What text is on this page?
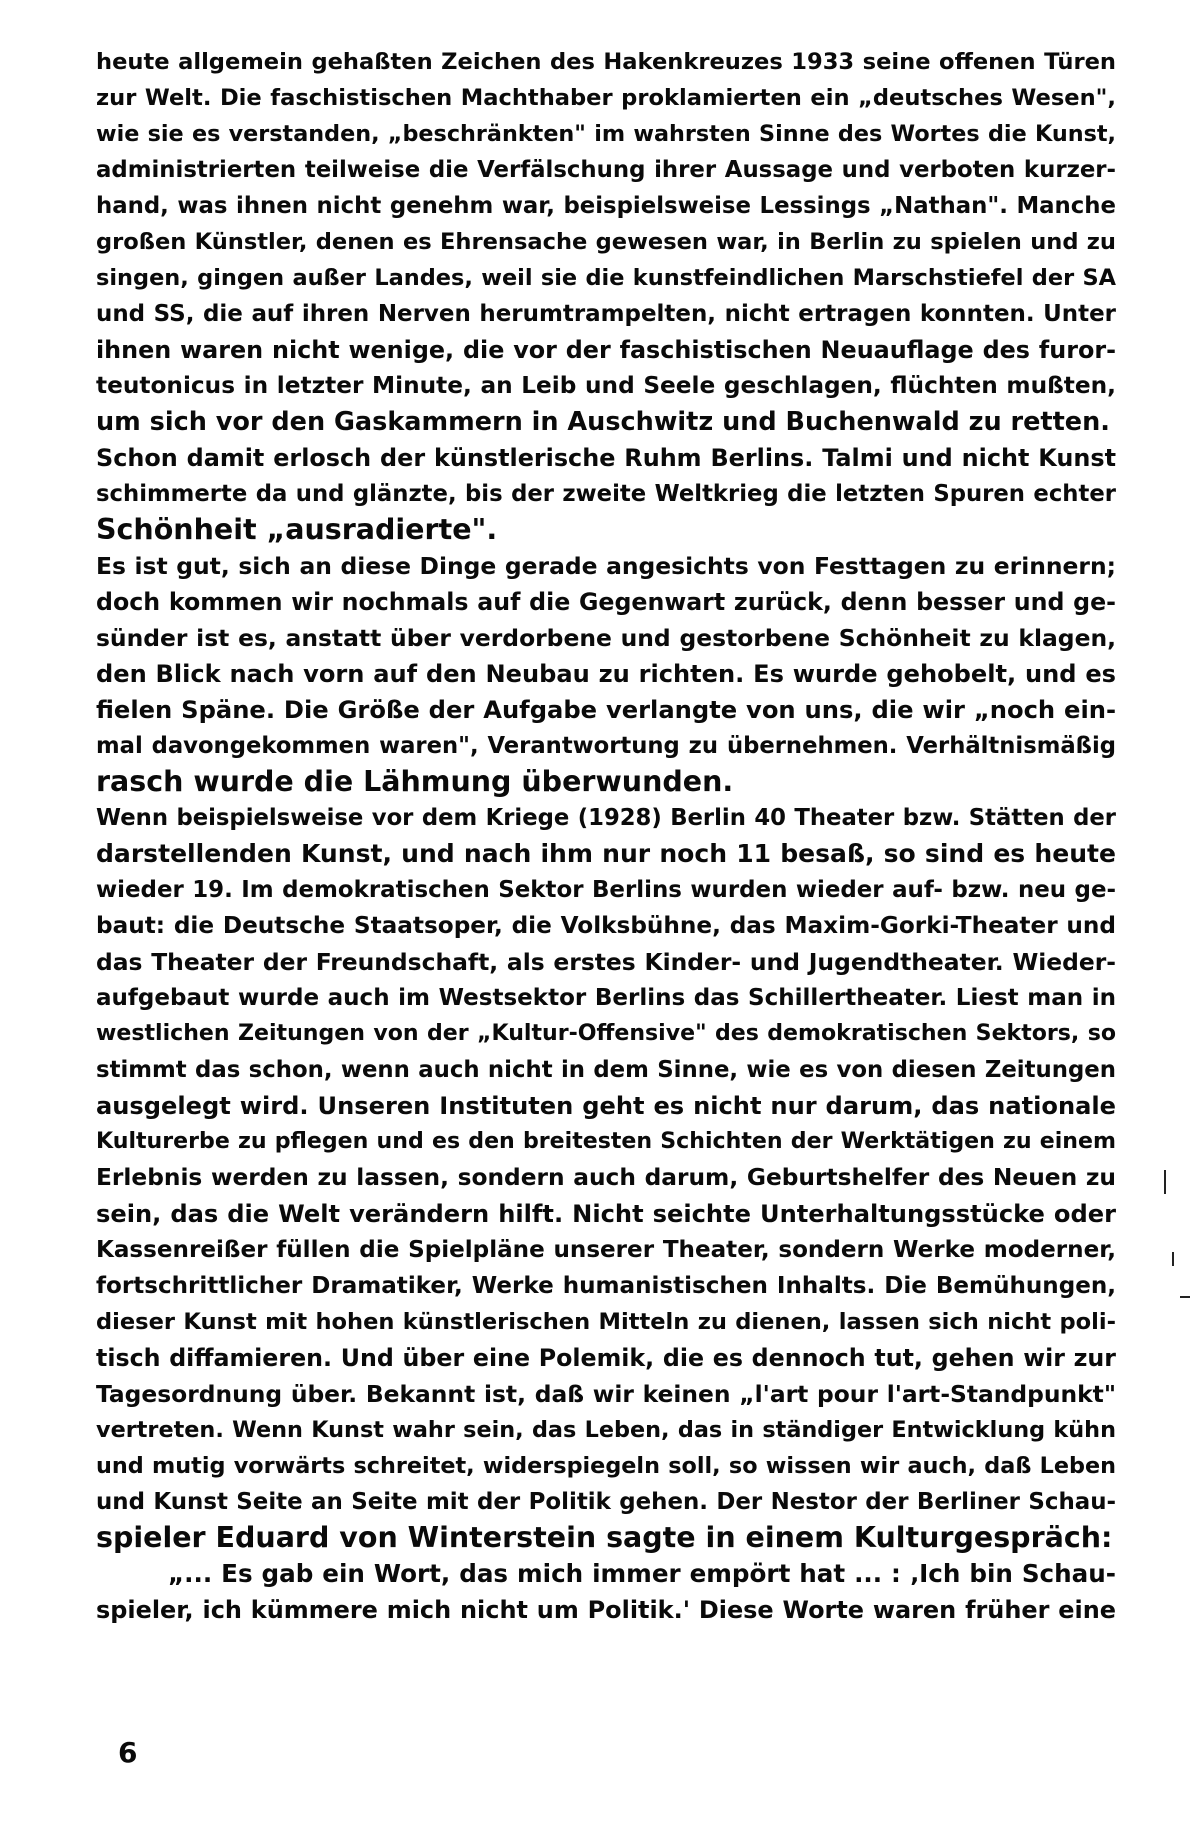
heute allgemein gehaßten Zeichen des Hakenkreuzes 1933 seine offenen Türen
zur Welt. Die faschistischen Machthaber proklamierten ein „deutsches Wesen",
wie sie es verstanden, „beschränkten" im wahrsten Sinne des Wortes die Kunst,
administrierten teilweise die Verfälschung ihrer Aussage und verboten kurzer-
hand, was ihnen nicht genehm war, beispielsweise Lessings „Nathan". Manche
großen Künstler, denen es Ehrensache gewesen war, in Berlin zu spielen und zu
singen, gingen außer Landes, weil sie die kunstfeindlichen Marschstiefel der SA
und SS, die auf ihren Nerven herumtrampelten, nicht ertragen konnten. Unter
ihnen waren nicht wenige, die vor der faschistischen Neuauflage des furor-
teutonicus in letzter Minute, an Leib und Seele geschlagen, flüchten mußten,
um sich vor den Gaskammern in Auschwitz und Buchenwald zu retten.
Schon damit erlosch der künstlerische Ruhm Berlins. Talmi und nicht Kunst
schimmerte da und glänzte, bis der zweite Weltkrieg die letzten Spuren echter
Schönheit „ausradierte".
Es ist gut, sich an diese Dinge gerade angesichts von Festtagen zu erinnern;
doch kommen wir nochmals auf die Gegenwart zurück, denn besser und ge-
sünder ist es, anstatt über verdorbene und gestorbene Schönheit zu klagen,
den Blick nach vorn auf den Neubau zu richten. Es wurde gehobelt, und es
fielen Späne. Die Größe der Aufgabe verlangte von uns, die wir „noch ein-
mal davongekommen waren", Verantwortung zu übernehmen. Verhältnismäßig
rasch wurde die Lähmung überwunden.
Wenn beispielsweise vor dem Kriege (1928) Berlin 40 Theater bzw. Stätten der
darstellenden Kunst, und nach ihm nur noch 11 besaß, so sind es heute
wieder 19. Im demokratischen Sektor Berlins wurden wieder auf- bzw. neu ge-
baut: die Deutsche Staatsoper, die Volksbühne, das Maxim-Gorki-Theater und
das Theater der Freundschaft, als erstes Kinder- und Jugendtheater. Wieder-
aufgebaut wurde auch im Westsektor Berlins das Schillertheater. Liest man in
westlichen Zeitungen von der „Kultur-Offensive" des demokratischen Sektors, so
stimmt das schon, wenn auch nicht in dem Sinne, wie es von diesen Zeitungen
ausgelegt wird. Unseren Instituten geht es nicht nur darum, das nationale
Kulturerbe zu pflegen und es den breitesten Schichten der Werktätigen zu einem
Erlebnis werden zu lassen, sondern auch darum, Geburtshelfer des Neuen zu
sein, das die Welt verändern hilft. Nicht seichte Unterhaltungsstücke oder
Kassenreißer füllen die Spielpläne unserer Theater, sondern Werke moderner,
fortschrittlicher Dramatiker, Werke humanistischen Inhalts. Die Bemühungen,
dieser Kunst mit hohen künstlerischen Mitteln zu dienen, lassen sich nicht poli-
tisch diffamieren. Und über eine Polemik, die es dennoch tut, gehen wir zur
Tagesordnung über. Bekannt ist, daß wir keinen „l'art pour l'art-Standpunkt"
vertreten. Wenn Kunst wahr sein, das Leben, das in ständiger Entwicklung kühn
und mutig vorwärts schreitet, widerspiegeln soll, so wissen wir auch, daß Leben
und Kunst Seite an Seite mit der Politik gehen. Der Nestor der Berliner Schau-
spieler Eduard von Winterstein sagte in einem Kulturgespräch:
„... Es gab ein Wort, das mich immer empört hat ... : ‚Ich bin Schau-
spieler, ich kümmere mich nicht um Politik.' Diese Worte waren früher eine
6
